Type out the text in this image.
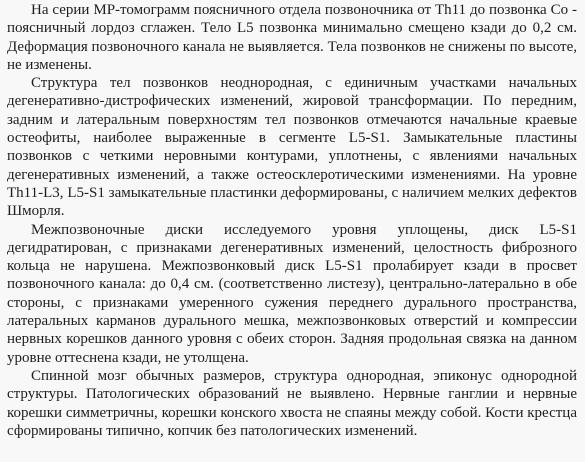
На серии МР-томограмм поясничного отдела позвоночника от Th11 до позвонка Со - поясничный лордоз сглажен. Тело L5 позвонка минимально смещено кзади до 0,2 см. Деформация позвоночного канала не выявляется. Тела позвонков не снижены по высоте, не изменены.

Структура тел позвонков неоднородная, с единичным участками начальных дегенеративно-дистрофических изменений, жировой трансформации. По передним, задним и латеральным поверхностям тел позвонков отмечаются начальные краевые остеофиты, наиболее выраженные в сегменте L5-S1. Замыкательные пластины позвонков с четкими неровными контурами, уплотнены, с явлениями начальных дегенеративных изменений, а также остеосклеротическими изменениями. На уровне Th11-L3, L5-S1 замыкательные пластинки деформированы, с наличием мелких дефектов Шморля.

Межпозвоночные диски исследуемого уровня уплощены, диск L5-S1 дегидратирован, с признаками дегенеративных изменений, целостность фиброзного кольца не нарушена. Межпозвонковый диск L5-S1 пролабирует кзади в просвет позвоночного канала: до 0,4 см. (соответственно листезу), центрально-латерально в обе стороны, с признаками умеренного сужения переднего дурального пространства, латеральных карманов дурального мешка, межпозвонковых отверстий и компрессии нервных корешков данного уровня с обеих сторон. Задняя продольная связка на данном уровне оттеснена кзади, не утолщена.

Спинной мозг обычных размеров, структура однородная, эпиконус однородной структуры. Патологических образований не выявлено. Нервные ганглии и нервные корешки симметричны, корешки конского хвоста не спаяны между собой. Кости крестца сформированы типично, копчик без патологических изменений.
